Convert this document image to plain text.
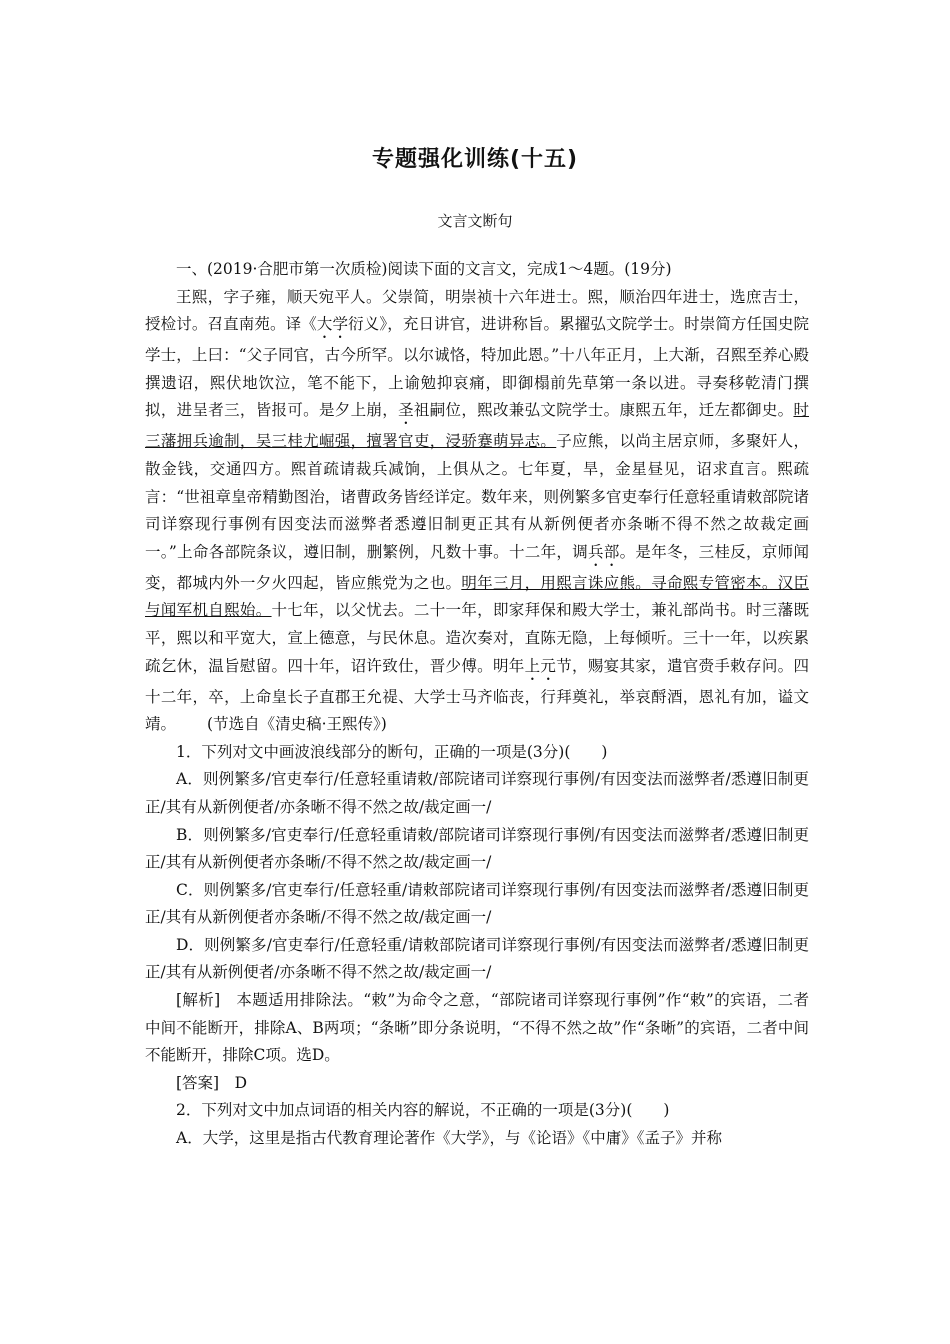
专题强化训练(十五)
文言文断句

一、(2019·合肥市第一次质检)阅读下面的文言文，完成1～4题。(19分)

王熙，字子雍，顺天宛平人。父崇简，明崇祯十六年进士。熙，顺治四年进士，选庶吉士，授检讨。召直南苑。译《大学衍义》，充日讲官，进讲称旨。累擢弘文院学士。时崇简方任国史院学士，上曰：“父子同官，古今所罕。以尔诚恪，特加此恩。”十八年正月，上大渐，召熙至养心殿撰遗诏，熙伏地饮泣，笔不能下，上谕勉抑哀痛，即御榻前先草第一条以进。寻奏移乾清门撰拟，进呈者三，皆报可。是夕上崩，圣祖嗣位，熙改兼弘文院学士。康熙五年，迁左都御史。时三藩拥兵逾制，吴三桂尤崛强，擅署官吏，浸骄蹇萌异志。子应熊，以尚主居京师，多聚奸人，散金钱，交通四方。熙首疏请裁兵减饷，上俱从之。七年夏，旱，金星昼见，诏求直言。熙疏言：“世祖章皇帝精勤图治，诸曹政务皆经详定。数年来，则例繁多官吏奉行任意轻重请敕部院诸司详察现行事例有因变法而滋弊者悉遵旧制更正其有从新例便者亦条晰不得不然之故裁定画一。”上命各部院条议，遵旧制，删繁例，凡数十事。十二年，调兵部。是年冬，三桂反，京师闻变，都城内外一夕火四起，皆应熊党为之也。明年三月，用熙言诛应熊。寻命熙专管密本。汉臣与闻军机自熙始。十七年，以父忧去。二十一年，即家拜保和殿大学士，兼礼部尚书。时三藩既平，熙以和平宽大，宣上德意，与民休息。造次奏对，直陈无隐，上每倾听。三十一年，以疾累疏乞休，温旨慰留。四十年，诏许致仕，晋少傅。明年上元节，赐宴其家，遣官赍手敕存问。四十二年，卒，上命皇长子直郡王允禔、大学士马齐临丧，行拜奠礼，举哀酹酒，恩礼有加，谥文靖。 (节选自《清史稿·王熙传》)

1．下列对文中画波浪线部分的断句，正确的一项是(3分)(　　)

A．则例繁多/官吏奉行/任意轻重请敕/部院诸司详察现行事例/有因变法而滋弊者/悉遵旧制更正/其有从新例便者/亦条晰不得不然之故/裁定画一/

B．则例繁多/官吏奉行/任意轻重请敕/部院诸司详察现行事例/有因变法而滋弊者/悉遵旧制更正/其有从新例便者亦条晰/不得不然之故/裁定画一/

C．则例繁多/官吏奉行/任意轻重/请敕部院诸司详察现行事例/有因变法而滋弊者/悉遵旧制更正/其有从新例便者亦条晰/不得不然之故/裁定画一/

D．则例繁多/官吏奉行/任意轻重/请敕部院诸司详察现行事例/有因变法而滋弊者/悉遵旧制更正/其有从新例便者/亦条晰不得不然之故/裁定画一/

[解析]　本题适用排除法。“敕”为命令之意，“部院诸司详察现行事例”作“敕”的宾语，二者中间不能断开，排除A、B两项；“条晰”即分条说明，“不得不然之故”作“条晰”的宾语，二者中间不能断开，排除C项。选D。

[答案]　D

2．下列对文中加点词语的相关内容的解说，不正确的一项是(3分)(　　)

A．大学，这里是指古代教育理论著作《大学》，与《论语》《中庸》《孟子》并称
